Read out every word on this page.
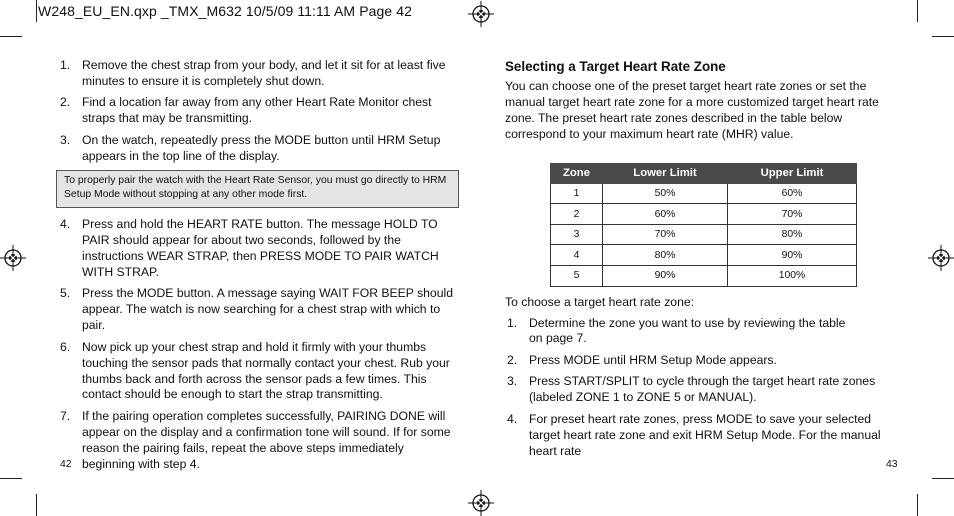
W248_EU_EN.qxp _TMX_M632 10/5/09 11:11 AM Page 42
1. Remove the chest strap from your body, and let it sit for at least five minutes to ensure it is completely shut down.
2. Find a location far away from any other Heart Rate Monitor chest straps that may be transmitting.
3. On the watch, repeatedly press the MODE button until HRM Setup appears in the top line of the display.
To properly pair the watch with the Heart Rate Sensor, you must go directly to HRM Setup Mode without stopping at any other mode first.
4. Press and hold the HEART RATE button. The message HOLD TO PAIR should appear for about two seconds, followed by the instructions WEAR STRAP, then PRESS MODE TO PAIR WATCH WITH STRAP.
5. Press the MODE button. A message saying WAIT FOR BEEP should appear. The watch is now searching for a chest strap with which to pair.
6. Now pick up your chest strap and hold it firmly with your thumbs touching the sensor pads that normally contact your chest. Rub your thumbs back and forth across the sensor pads a few times. This contact should be enough to start the strap transmitting.
7. If the pairing operation completes successfully, PAIRING DONE will appear on the display and a confirmation tone will sound. If for some reason the pairing fails, repeat the above steps immediately beginning with step 4.
42
Selecting a Target Heart Rate Zone

You can choose one of the preset target heart rate zones or set the manual target heart rate zone for a more customized target heart rate zone. The preset heart rate zones described in the table below correspond to your maximum heart rate (MHR) value.

Zone	Lower Limit	Upper Limit
1	50%	60%
2	60%	70%
3	70%	80%
4	80%	90%
5	90%	100%

To choose a target heart rate zone:

1. Determine the zone you want to use by reviewing the table on page 7.
2. Press MODE until HRM Setup Mode appears.
3. Press START/SPLIT to cycle through the target heart rate zones (labeled ZONE 1 to ZONE 5 or MANUAL).
4. For preset heart rate zones, press MODE to save your selected target heart rate zone and exit HRM Setup Mode. For the manual heart rate
43
